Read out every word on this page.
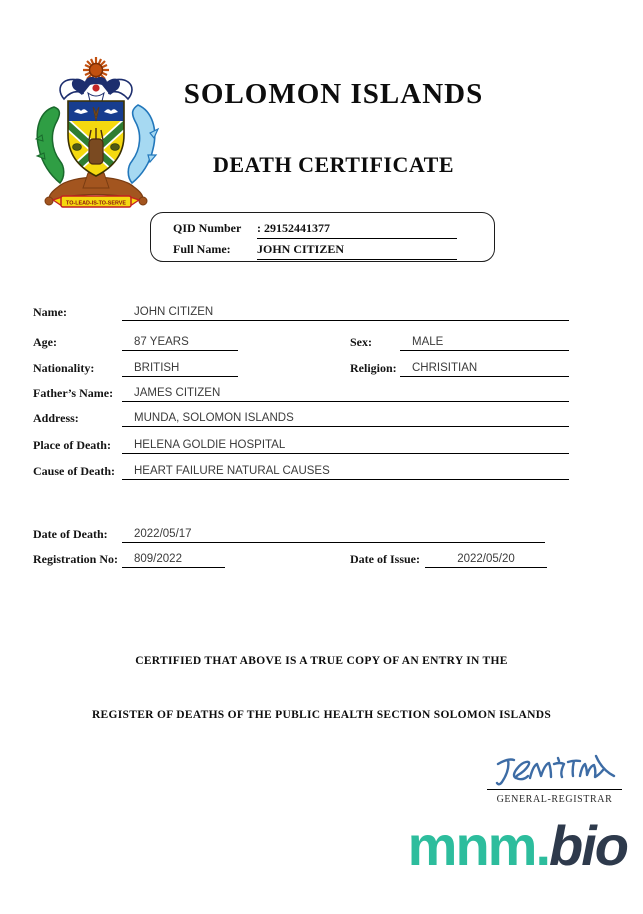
TO-LEAD-IS-TO-SERVE
SOLOMON ISLANDS
DEATH CERTIFICATE
QID Number	: 29152441377
Full Name:	JOHN CITIZEN
Name:	JOHN CITIZEN
Age:	87 YEARS	Sex:	MALE
Nationality:	BRITISH	Religion:	CHRISITIAN
Father’s Name:	JAMES CITIZEN
Address:	MUNDA, SOLOMON ISLANDS
Place of Death:	HELENA GOLDIE HOSPITAL
Cause of Death:	HEART FAILURE NATURAL CAUSES
Date of Death:	2022/05/17
Registration No:	809/2022	Date of Issue:	2022/05/20
CERTIFIED THAT ABOVE IS A TRUE COPY OF AN ENTRY IN THE
REGISTER OF DEATHS OF THE PUBLIC HEALTH SECTION SOLOMON ISLANDS
GENERAL-REGISTRAR
mnm.bio
